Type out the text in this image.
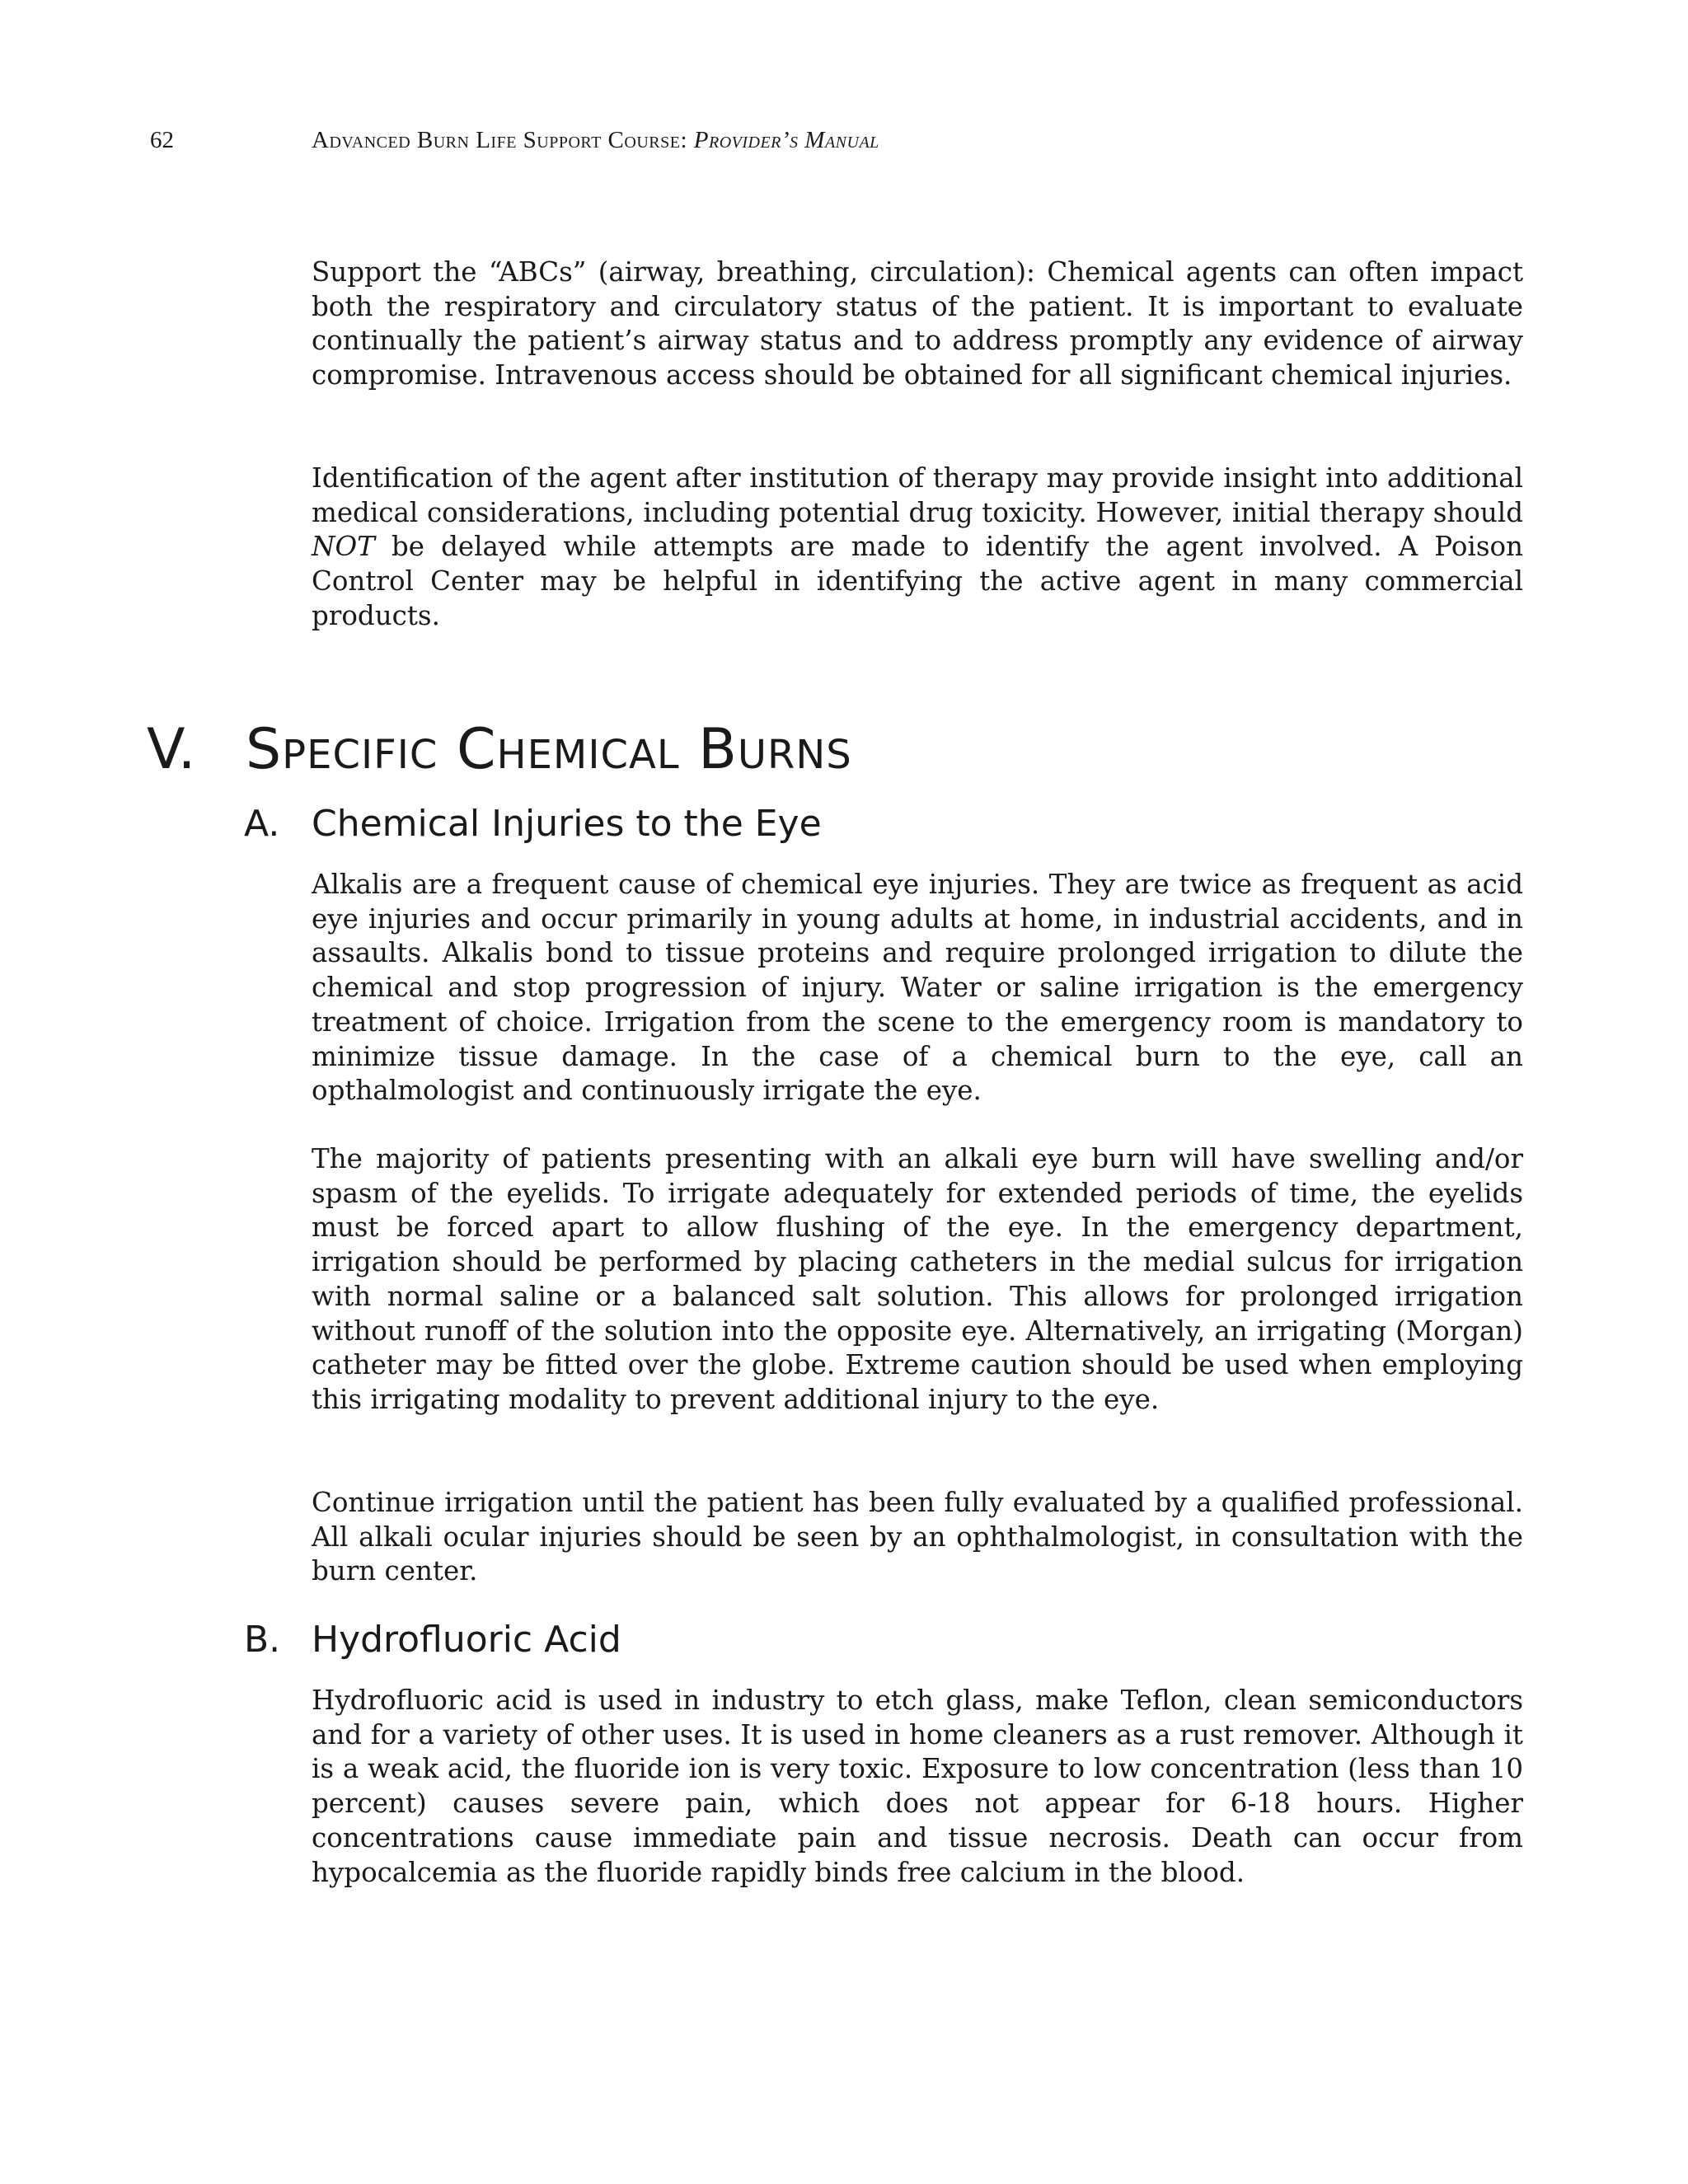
62	Advanced Burn Life Support Course: Provider’s Manual

Support the “ABCs” (airway, breathing, circulation): Chemical agents can often impact both the respiratory and circulatory status of the patient. It is important to evaluate continually the patient’s airway status and to address promptly any evidence of airway compromise. Intravenous access should be obtained for all significant chemical injuries.

Identification of the agent after institution of therapy may provide insight into additional medical considerations, including potential drug toxicity. However, initial therapy should NOT be delayed while attempts are made to identify the agent involved. A Poison Control Center may be helpful in identifying the active agent in many commercial products.

V. Specific Chemical Burns
A. Chemical Injuries to the Eye

Alkalis are a frequent cause of chemical eye injuries. They are twice as frequent as acid eye injuries and occur primarily in young adults at home, in industrial accidents, and in assaults. Alkalis bond to tissue proteins and require prolonged irrigation to dilute the chemical and stop progression of injury. Water or saline irrigation is the emergency treatment of choice. Irrigation from the scene to the emergency room is mandatory to minimize tissue damage. In the case of a chemical burn to the eye, call an opthalmologist and continuously irrigate the eye.

The majority of patients presenting with an alkali eye burn will have swelling and/or spasm of the eyelids. To irrigate adequately for extended periods of time, the eyelids must be forced apart to allow flushing of the eye. In the emergency department, irrigation should be performed by placing catheters in the medial sulcus for irrigation with normal saline or a balanced salt solution. This allows for prolonged irrigation without runoff of the solution into the opposite eye. Alternatively, an irrigating (Morgan) catheter may be fitted over the globe. Extreme caution should be used when employing this irrigating modality to prevent additional injury to the eye.

Continue irrigation until the patient has been fully evaluated by a qualified professional. All alkali ocular injuries should be seen by an ophthalmologist, in consultation with the burn center.

B. Hydrofluoric Acid

Hydrofluoric acid is used in industry to etch glass, make Teflon, clean semiconductors and for a variety of other uses. It is used in home cleaners as a rust remover. Although it is a weak acid, the fluoride ion is very toxic. Exposure to low concentration (less than 10 percent) causes severe pain, which does not appear for 6-18 hours. Higher concentrations cause immediate pain and tissue necrosis. Death can occur from hypocalcemia as the fluoride rapidly binds free calcium in the blood.
